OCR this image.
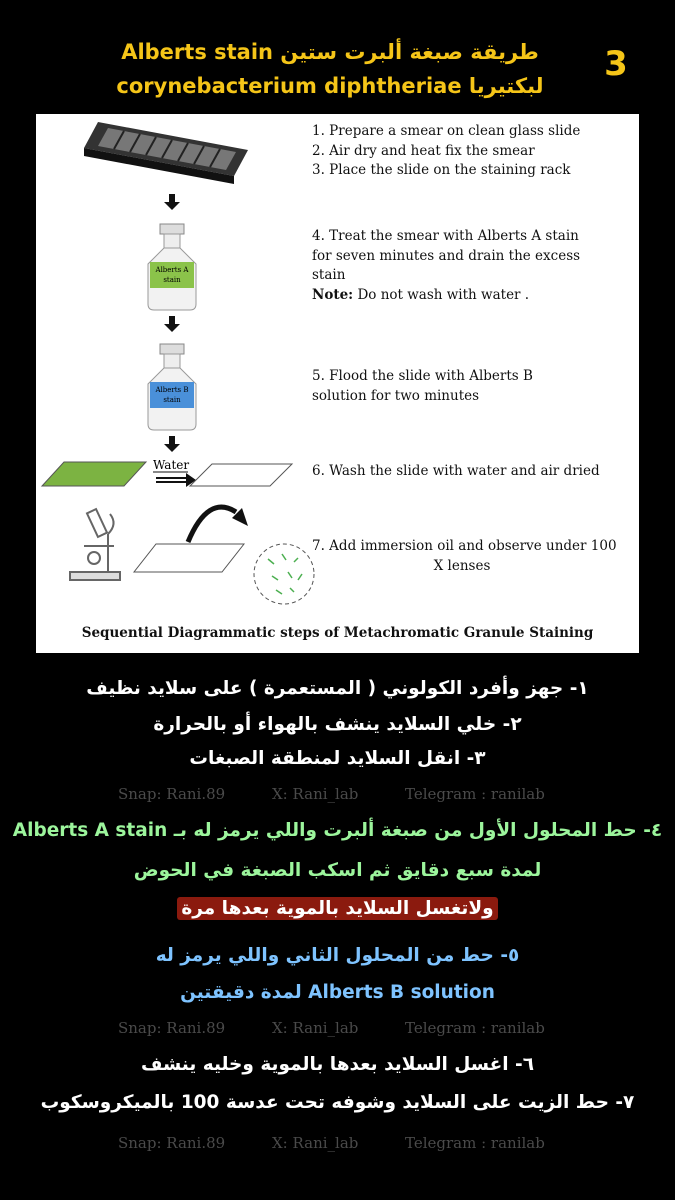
3
طريقة صبغة ألبرت ستين Alberts stain
لبكتيريا corynebacterium diphtheriae
Alberts A
stain
Alberts B
stain
Water
1. Prepare a smear on clean glass slide
2. Air dry and heat fix the smear
3. Place the slide on the staining rack
4. Treat the smear with Alberts A stain
for seven minutes and drain the excess
stain
Note: Do not wash with water .
5. Flood the slide with Alberts B
solution for two minutes
6. Wash the slide with water and air dried
7. Add immersion oil and observe under 100
X lenses
Sequential Diagrammatic steps of Metachromatic Granule Staining
١- جهز وأفرد الكولوني ( المستعمرة ) على سلايد نظيف
٢- خلي السلايد ينشف بالهواء أو بالحرارة
٣- انقل السلايد لمنطقة الصبغات
Snap: Rani.89	X: Rani_lab	Telegram : ranilab
٤- حط المحلول الأول من صبغة ألبرت واللي يرمز له بـ Alberts A stain
لمدة سبع دقايق ثم اسكب الصبغة في الحوض
ولاتغسل السلايد بالموية بعدها مرة
٥- حط من المحلول الثاني واللي يرمز له
Alberts B solution لمدة دقيقتين
Snap: Rani.89	X: Rani_lab	Telegram : ranilab
٦- اغسل السلايد بعدها بالموية وخليه ينشف
٧- حط الزيت على السلايد وشوفه تحت عدسة 100 بالميكروسكوب
Snap: Rani.89	X: Rani_lab	Telegram : ranilab
